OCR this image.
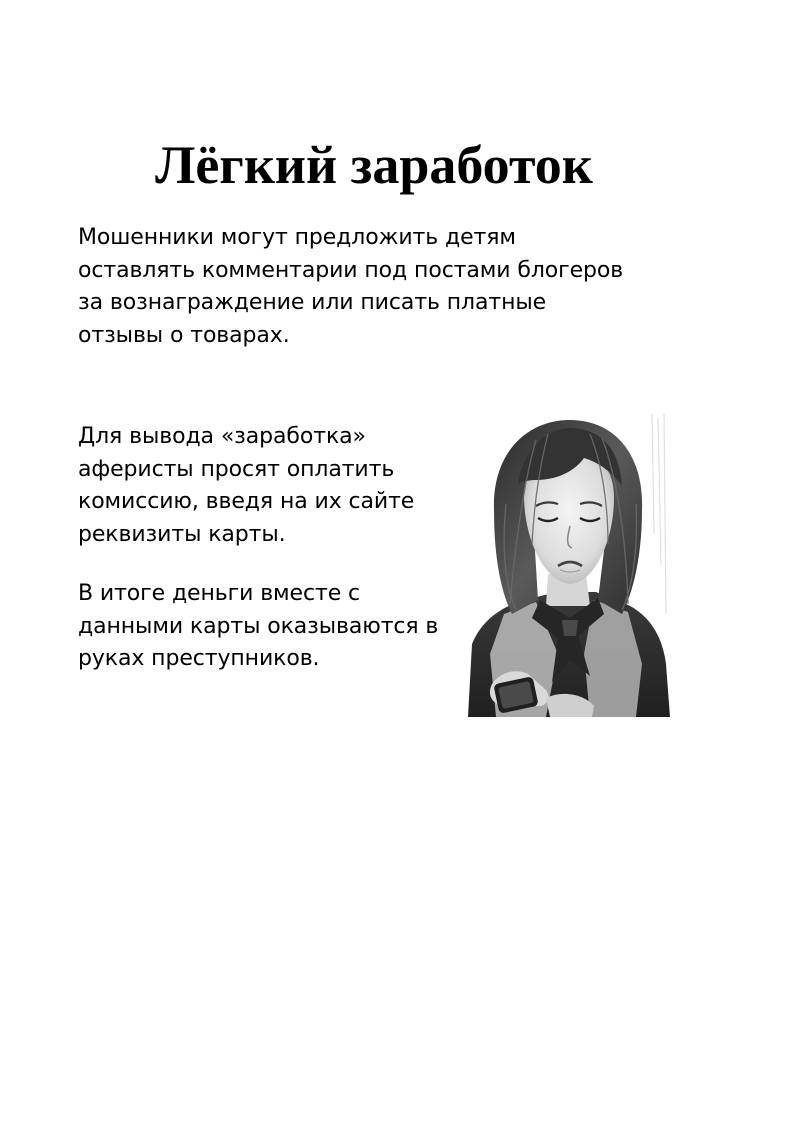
Лёгкий заработок

Мошенники могут предложить детям оставлять комментарии под постами блогеров за вознаграждение или писать платные отзывы о товарах.

Для вывода «заработка» аферисты просят оплатить комиссию, введя на их сайте реквизиты карты.

В итоге деньги вместе с данными карты оказываются в руках преступников.
